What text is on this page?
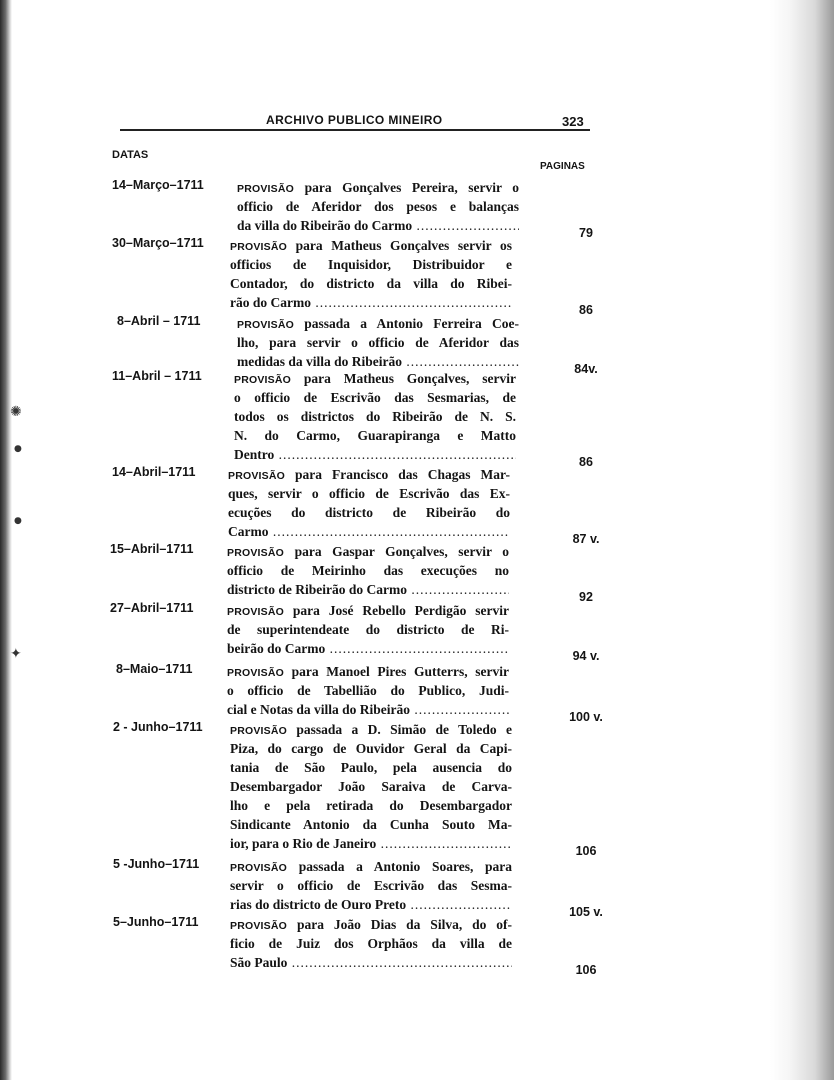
✺
●
●
✦
ARCHIVO PUBLICO MINEIRO	323
DATAS
PAGINAS
14–Março–1711	PROVISÃO para Gonçalves Pereira, servir o
officio de Aferidor dos pesos e balanças
da villa do Ribeirão do Carmo .....	79
30–Março–1711	PROVISÃO para Matheus Gonçalves servir os
officios de Inquisidor, Distribuidor e
Contador, do districto da villa do Ribei-
rão do Carmo .....	86
8–Abril – 1711	PROVISÃO passada a Antonio Ferreira Coe-
lho, para servir o officio de Aferidor das
medidas da villa do Ribeirão .....	84v.
11–Abril – 1711	PROVISÃO para Matheus Gonçalves, servir
o officio de Escrivão das Sesmarias, de
todos os districtos do Ribeirão de N. S.
N. do Carmo, Guarapiranga e Matto
Dentro .....	86
14–Abril–1711	PROVISÃO para Francisco das Chagas Mar-
ques, servir o officio de Escrivão das Ex-
ecuções do districto de Ribeirão do
Carmo .....	87 v.
15–Abril–1711	PROVISÃO para Gaspar Gonçalves, servir o
officio de Meirinho das execuções no
districto de Ribeirão do Carmo .....	92
27–Abril–1711	PROVISÃO para José Rebello Perdigão servir
de superintendeate do districto de Ri-
beirão do Carmo .....	94 v.
8–Maio–1711	PROVISÃO para Manoel Pires Gutterrs, servir
o officio de Tabellião do Publico, Judi-
cial e Notas da villa do Ribeirão .....	100 v.
2 - Junho–1711	PROVISÃO passada a D. Simão de Toledo e
Piza, do cargo de Ouvidor Geral da Capi-
tania de São Paulo, pela ausencia do
Desembargador João Saraiva de Carva-
lho e pela retirada do Desembargador
Sindicante Antonio da Cunha Souto Ma-
ior, para o Rio de Janeiro .....	106
5 -Junho–1711	PROVISÃO passada a Antonio Soares, para
servir o officio de Escrivão das Sesma-
rias do districto de Ouro Preto .....	105 v.
5–Junho–1711	PROVISÃO para João Dias da Silva, do of-
ficio de Juiz dos Orphãos da villa de
São Paulo .....	106
